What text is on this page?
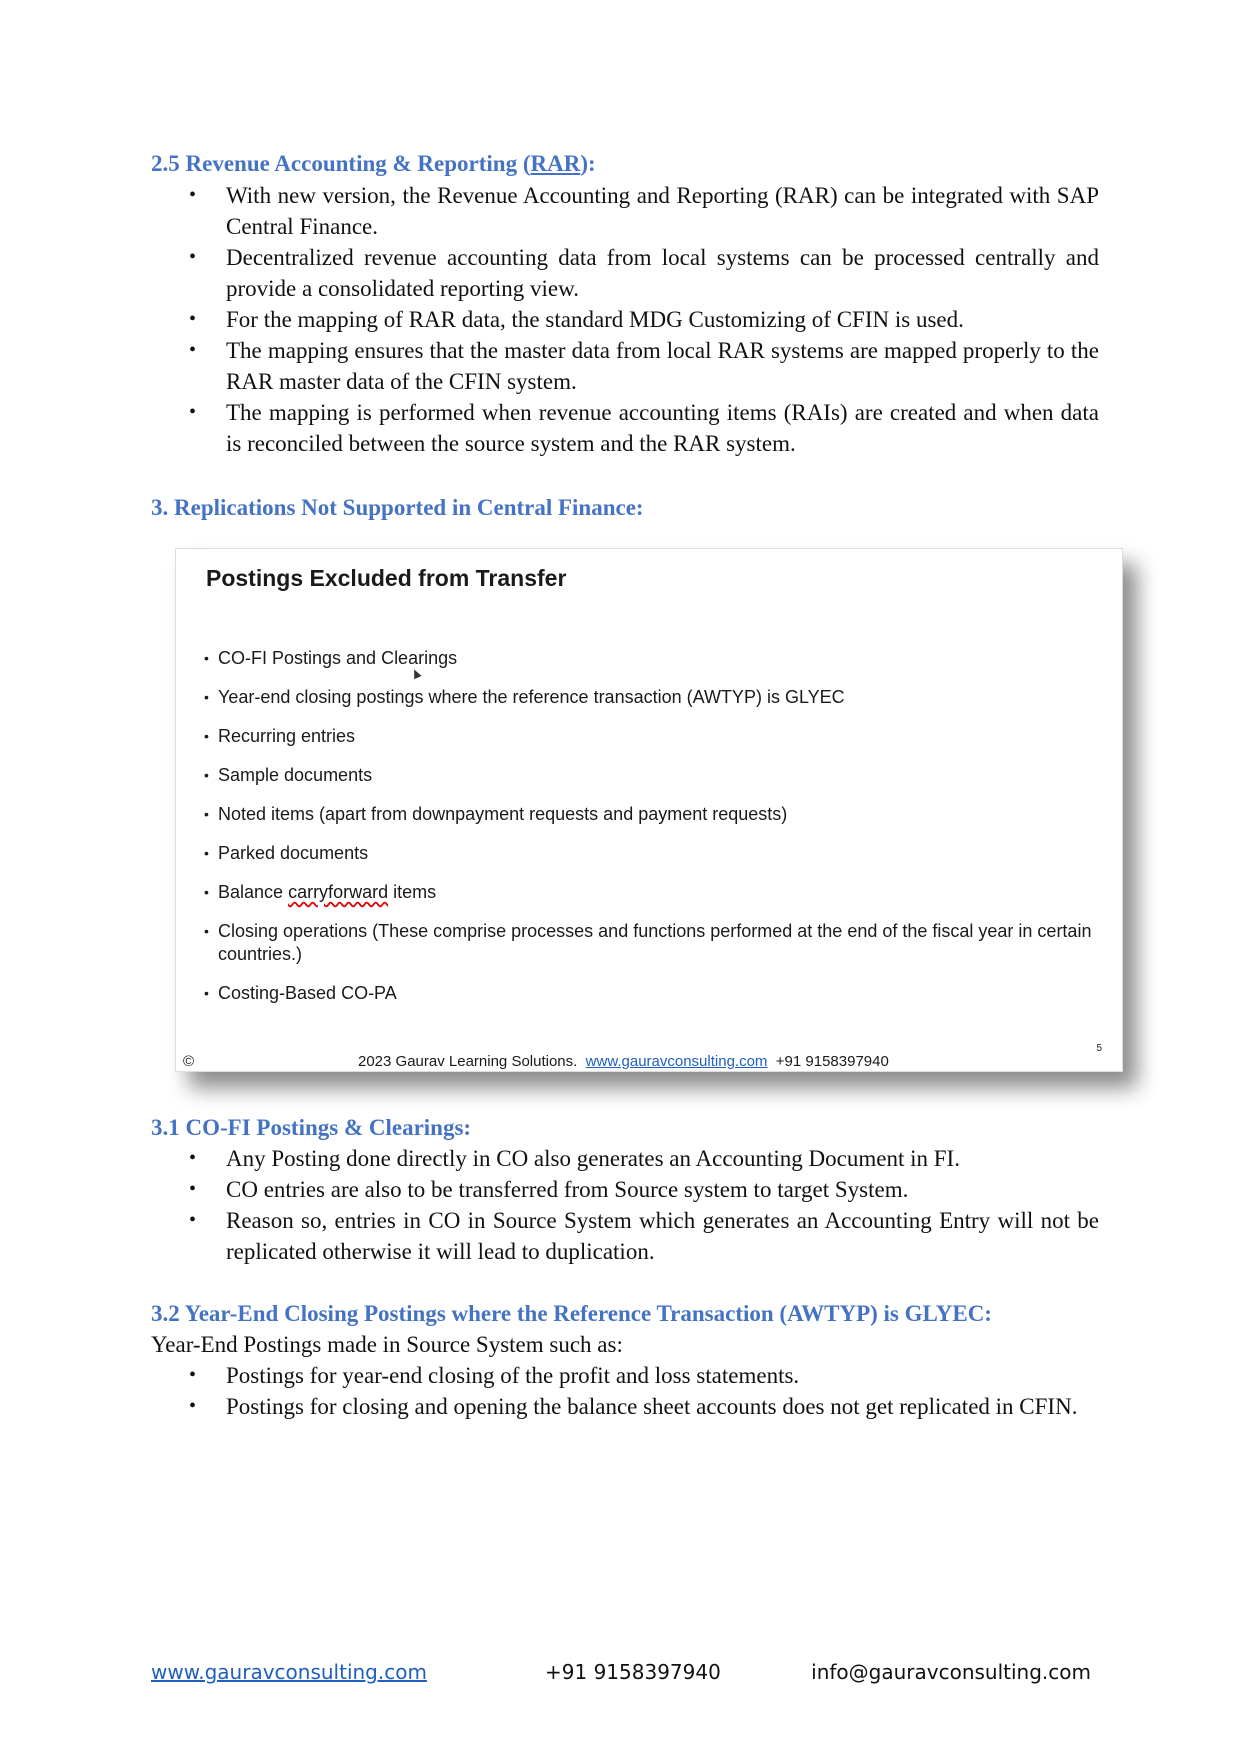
2.5 Revenue Accounting & Reporting (RAR):
• With new version, the Revenue Accounting and Reporting (RAR) can be integrated with SAP Central Finance.
• Decentralized revenue accounting data from local systems can be processed centrally and provide a consolidated reporting view.
• For the mapping of RAR data, the standard MDG Customizing of CFIN is used.
• The mapping ensures that the master data from local RAR systems are mapped properly to the RAR master data of the CFIN system.
• The mapping is performed when revenue accounting items (RAIs) are created and when data is reconciled between the source system and the RAR system.
3. Replications Not Supported in Central Finance:
Postings Excluded from Transfer
• CO-FI Postings and Clearings
• Year-end closing postings where the reference transaction (AWTYP) is GLYEC
• Recurring entries
• Sample documents
• Noted items (apart from downpayment requests and payment requests)
• Parked documents
• Balance carryforward items
• Closing operations (These comprise processes and functions performed at the end of the fiscal year in certain countries.)
• Costing-Based CO-PA
©	2023 Gaurav Learning Solutions. www.gauravconsulting.com +91 9158397940
5
3.1 CO-FI Postings & Clearings:
• Any Posting done directly in CO also generates an Accounting Document in FI.
• CO entries are also to be transferred from Source system to target System.
• Reason so, entries in CO in Source System which generates an Accounting Entry will not be replicated otherwise it will lead to duplication.
3.2 Year-End Closing Postings where the Reference Transaction (AWTYP) is GLYEC:

Year-End Postings made in Source System such as:

• Postings for year-end closing of the profit and loss statements.
• Postings for closing and opening the balance sheet accounts does not get replicated in CFIN.
www.gauravconsulting.com	+91 9158397940	info@gauravconsulting.com
